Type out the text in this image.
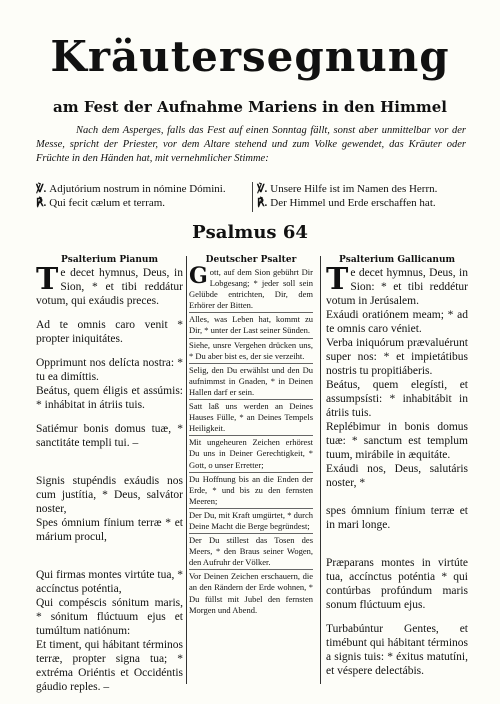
Kräutersegnung
am Fest der Aufnahme Mariens in den Himmel
Nach dem Asperges, falls das Fest auf einen Sonntag fällt, sonst aber unmittelbar vor der Messe, spricht der Priester, vor dem Altare stehend und zum Volke gewendet, das Kräuter oder Früchte in den Händen hat, mit vernehmlicher Stimme:
℣. Adjutórium nostrum in nómine Dómini.
℟. Qui fecit cælum et terram.
℣. Unsere Hilfe ist im Namen des Herrn.
℟. Der Himmel und Erde erschaffen hat.
Psalmus 64
Psalterium Pianum	Deutscher Psalter	Psalterium Gallicanum
Te decet hymnus, Deus, in Sion, * et tibi reddátur votum, qui exáudis preces.
Ad te omnis caro venit * propter iniquitátes.
Opprimunt nos delícta nostra: * tu ea dimíttis.
Beátus, quem éligis et assúmis: * inhábitat in átriis tuis.
Satiémur bonis domus tuæ, * sanctitáte templi tui. –
Signis stupéndis exáudis nos cum justítia, * Deus, salvátor noster,
Spes ómnium fínium terræ * et márium procul,
Qui firmas montes virtúte tua, * accínctus poténtia,
Qui compéscis sónitum maris, * sónitum flúctuum ejus et tumúltum natiónum:
Et timent, qui hábitant términos terræ, propter signa tua; * extréma Oriéntis et Occidéntis gáudio reples. –
Gott, auf dem Sion gebührt Dir Lobgesang; * jeder soll sein Gelübde entrichten, Dir, dem Erhörer der Bitten.
Alles, was Leben hat, kommt zu Dir, * unter der Last seiner Sünden.
Siehe, unsre Vergehen drücken uns, * Du aber bist es, der sie verzeiht.
Selig, den Du erwählst und den Du aufnimmst in Gnaden, * in Deinen Hallen darf er sein.
Satt laß uns werden an Deines Hauses Fülle, * an Deines Tempels Heiligkeit.
Mit ungeheuren Zeichen erhörest Du uns in Deiner Gerechtigkeit, * Gott, o unser Erretter;
Du Hoffnung bis an die Enden der Erde, * und bis zu den fernsten Meeren;
Der Du, mit Kraft umgürtet, * durch Deine Macht die Berge begründest;
Der Du stillest das Tosen des Meers, * den Braus seiner Wogen, den Aufruhr der Völker.
Vor Deinen Zeichen erschauern, die an den Rändern der Erde wohnen, * Du füllst mit Jubel den fernsten Morgen und Abend.
Te decet hymnus, Deus, in Sion: * et tibi reddétur votum in Jerúsalem.
Exáudi oratiónem meam; * ad te omnis caro véniet.
Verba iniquórum prævaluérunt super nos: * et impietátibus nostris tu propitiáberis.
Beátus, quem elegísti, et assumpsísti: * inhabitábit in átriis tuis.
Replébimur in bonis domus tuæ: * sanctum est templum tuum, mirábile in æquitáte.
Exáudi nos, Deus, salutáris noster, *
spes ómnium fínium terræ et in mari longe.
Præparans montes in virtúte tua, accínctus poténtia * qui contúrbas profúndum maris sonum flúctuum ejus.
Turbabúntur Gentes, et timébunt qui hábitant términos a signis tuis: * éxitus matutíni, et véspere delectábis.
